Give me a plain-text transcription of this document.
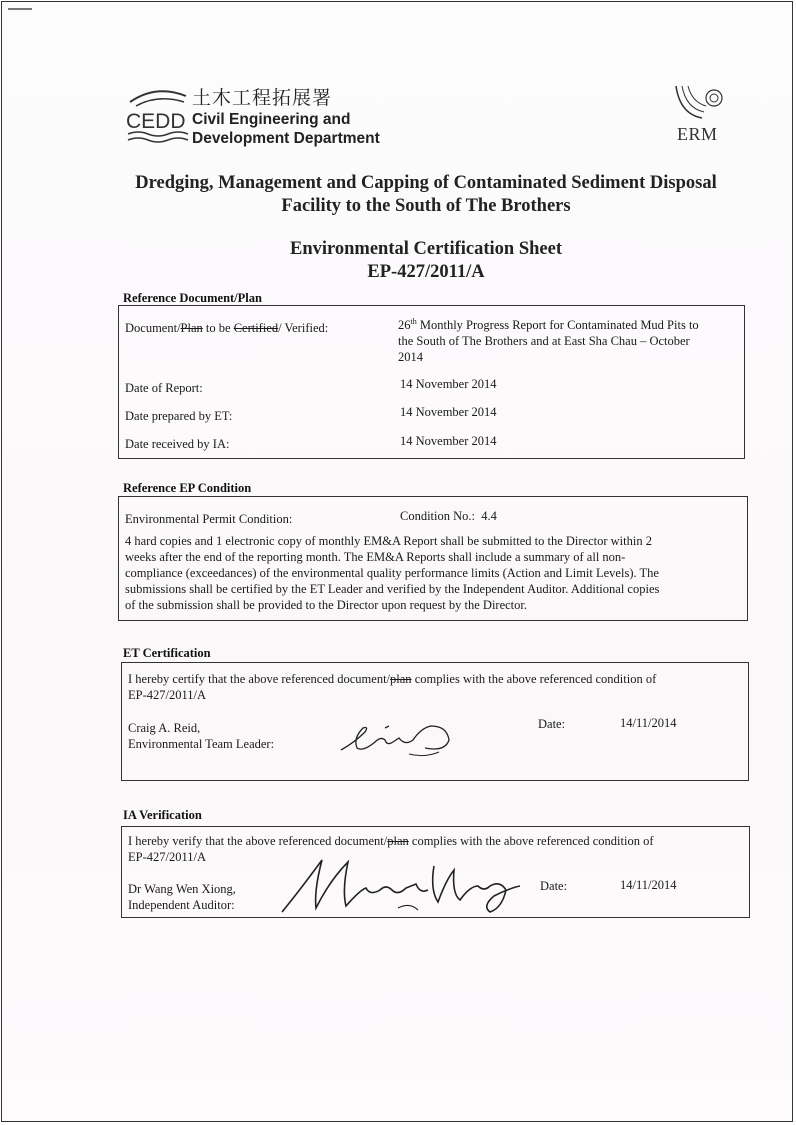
CEDD
土木工程拓展署
Civil Engineering and
Development Department	ERM
Dredging, Management and Capping of Contaminated Sediment Disposal
Facility to the South of The Brothers
Environmental Certification Sheet
EP-427/2011/A
Reference Document/Plan
Document/Plan to be Certified/ Verified:	26th Monthly Progress Report for Contaminated Mud Pits to
the South of The Brothers and at East Sha Chau – October
2014
Date of Report:	14 November 2014
Date prepared by ET:	14 November 2014
Date received by IA:	14 November 2014
Reference EP Condition
Environmental Permit Condition:	Condition No.: 4.4
4 hard copies and 1 electronic copy of monthly EM&A Report shall be submitted to the Director within 2
weeks after the end of the reporting month. The EM&A Reports shall include a summary of all non-
compliance (exceedances) of the environmental quality performance limits (Action and Limit Levels). The
submissions shall be certified by the ET Leader and verified by the Independent Auditor. Additional copies
of the submission shall be provided to the Director upon request by the Director.
ET Certification
I hereby certify that the above referenced document/plan complies with the above referenced condition of
EP-427/2011/A
Craig A. Reid,
Environmental Team Leader:
Date:	14/11/2014
IA Verification
I hereby verify that the above referenced document/plan complies with the above referenced condition of
EP-427/2011/A
Dr Wang Wen Xiong,
Independent Auditor:
Date:	14/11/2014
